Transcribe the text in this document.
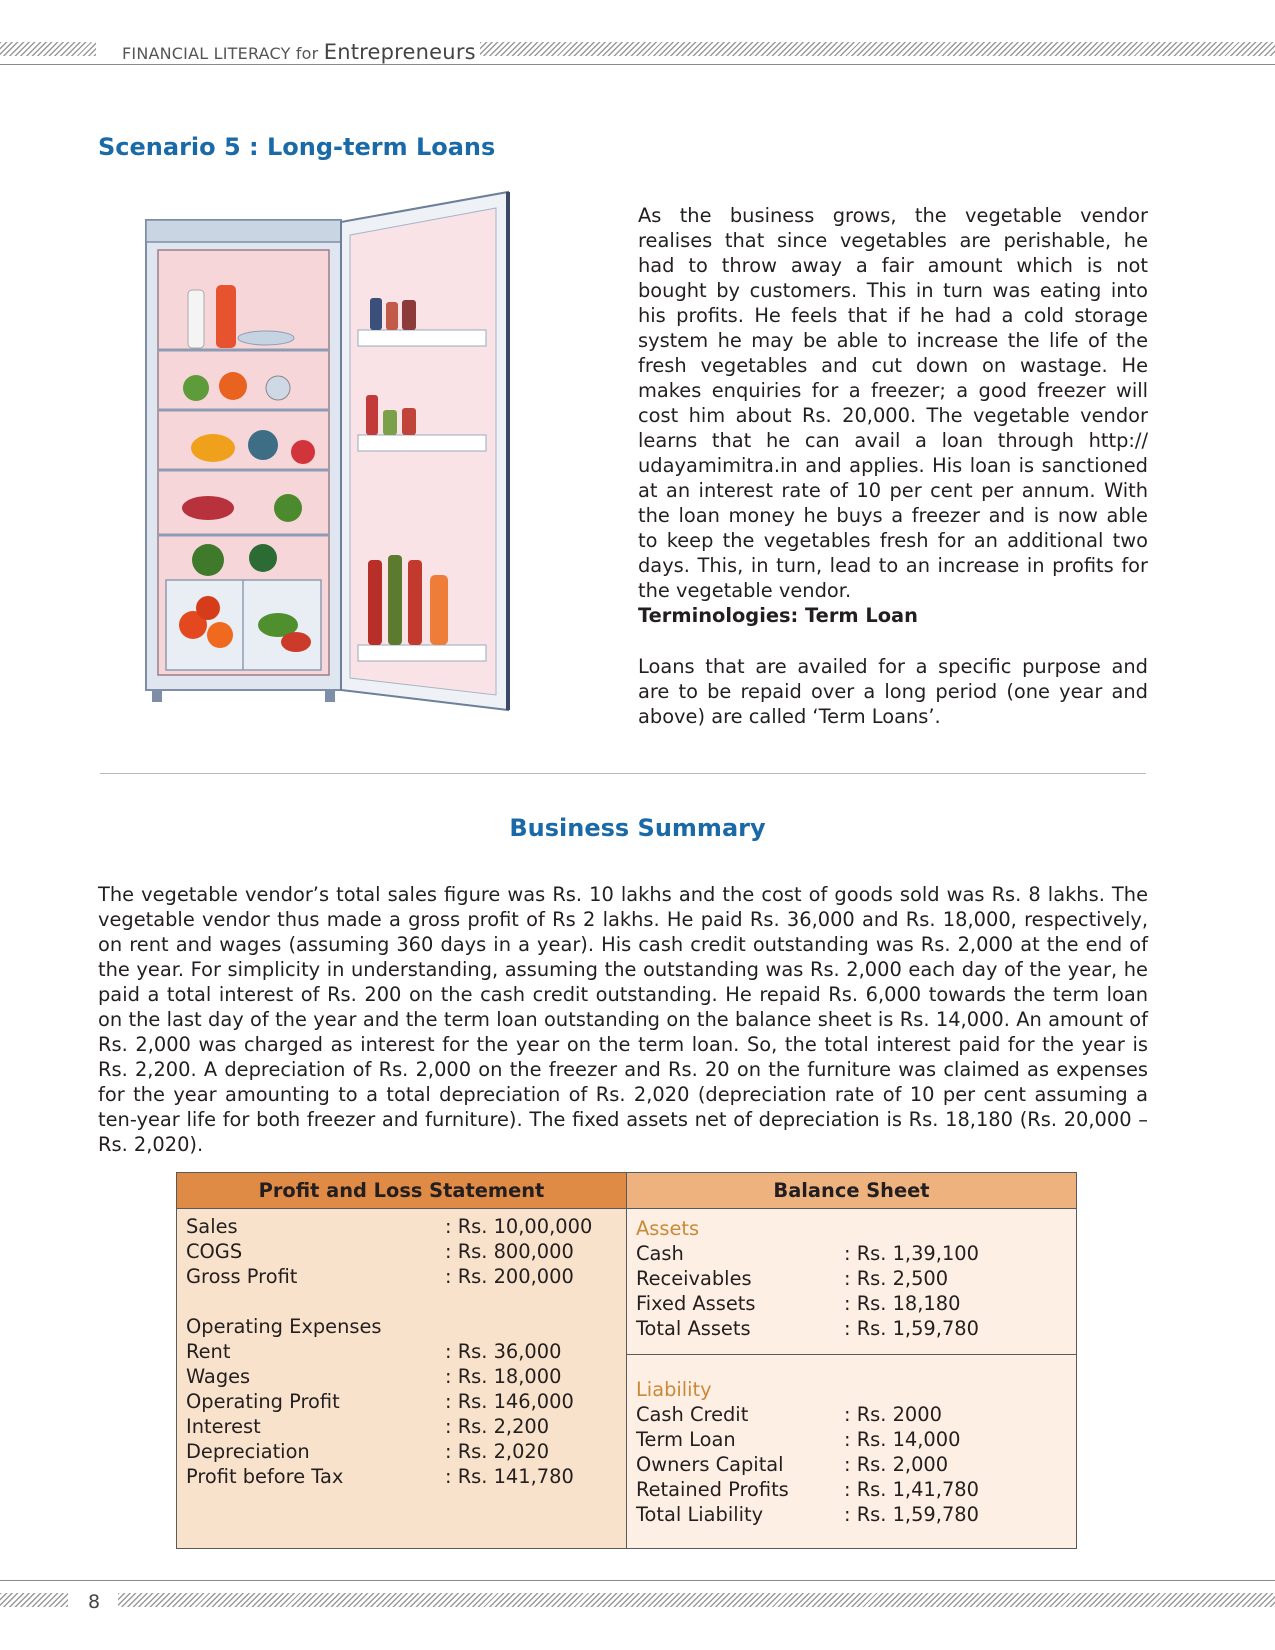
FINANCIAL LITERACY for Entrepreneurs
Scenario 5 : Long-term Loans

As the business grows, the vegetable vendor realises that since vegetables are perishable, he had to throw away a fair amount which is not bought by customers. This in turn was eating into his profits. He feels that if he had a cold storage system he may be able to increase the life of the fresh vegetables and cut down on wastage. He makes enquiries for a freezer; a good freezer will cost him about Rs. 20,000. The vegetable vendor learns that he can avail a loan through http:// udayamimitra.in and applies. His loan is sanctioned at an interest rate of 10 per cent per annum. With the loan money he buys a freezer and is now able to keep the vegetables fresh for an additional two days. This, in turn, lead to an increase in profits for the vegetable vendor.

Terminologies: Term Loan

Loans that are availed for a specific purpose and are to be repaid over a long period (one year and above) are called ‘Term Loans’.

Business Summary

The vegetable vendor’s total sales figure was Rs. 10 lakhs and the cost of goods sold was Rs. 8 lakhs. The vegetable vendor thus made a gross profit of Rs 2 lakhs. He paid Rs. 36,000 and Rs. 18,000, respectively, on rent and wages (assuming 360 days in a year). His cash credit outstanding was Rs. 2,000 at the end of the year. For simplicity in understanding, assuming the outstanding was Rs. 2,000 each day of the year, he paid a total interest of Rs. 200 on the cash credit outstanding. He repaid Rs. 6,000 towards the term loan on the last day of the year and the term loan outstanding on the balance sheet is Rs. 14,000. An amount of Rs. 2,000 was charged as interest for the year on the term loan. So, the total interest paid for the year is Rs. 2,200. A depreciation of Rs. 2,000 on the freezer and Rs. 20 on the furniture was claimed as expenses for the year amounting to a total depreciation of Rs. 2,020 (depreciation rate of 10 per cent assuming a ten-year life for both freezer and furniture). The fixed assets net of depreciation is Rs. 18,180 (Rs. 20,000 – Rs. 2,020).

Profit and Loss Statement	Balance Sheet
Sales	: Rs. 10,00,000
COGS	: Rs. 800,000
Gross Profit	: Rs. 200,000
Operating Expenses
Rent	: Rs. 36,000
Wages	: Rs. 18,000
Operating Profit	: Rs. 146,000
Interest	: Rs. 2,200
Depreciation	: Rs. 2,020
Profit before Tax	: Rs. 141,780
Assets
Cash	: Rs. 1,39,100
Receivables	: Rs. 2,500
Fixed Assets	: Rs. 18,180
Total Assets	: Rs. 1,59,780
Liability
Cash Credit	: Rs. 2000
Term Loan	: Rs. 14,000
Owners Capital	: Rs. 2,000
Retained Profits	: Rs. 1,41,780
Total Liability	: Rs. 1,59,780
8
